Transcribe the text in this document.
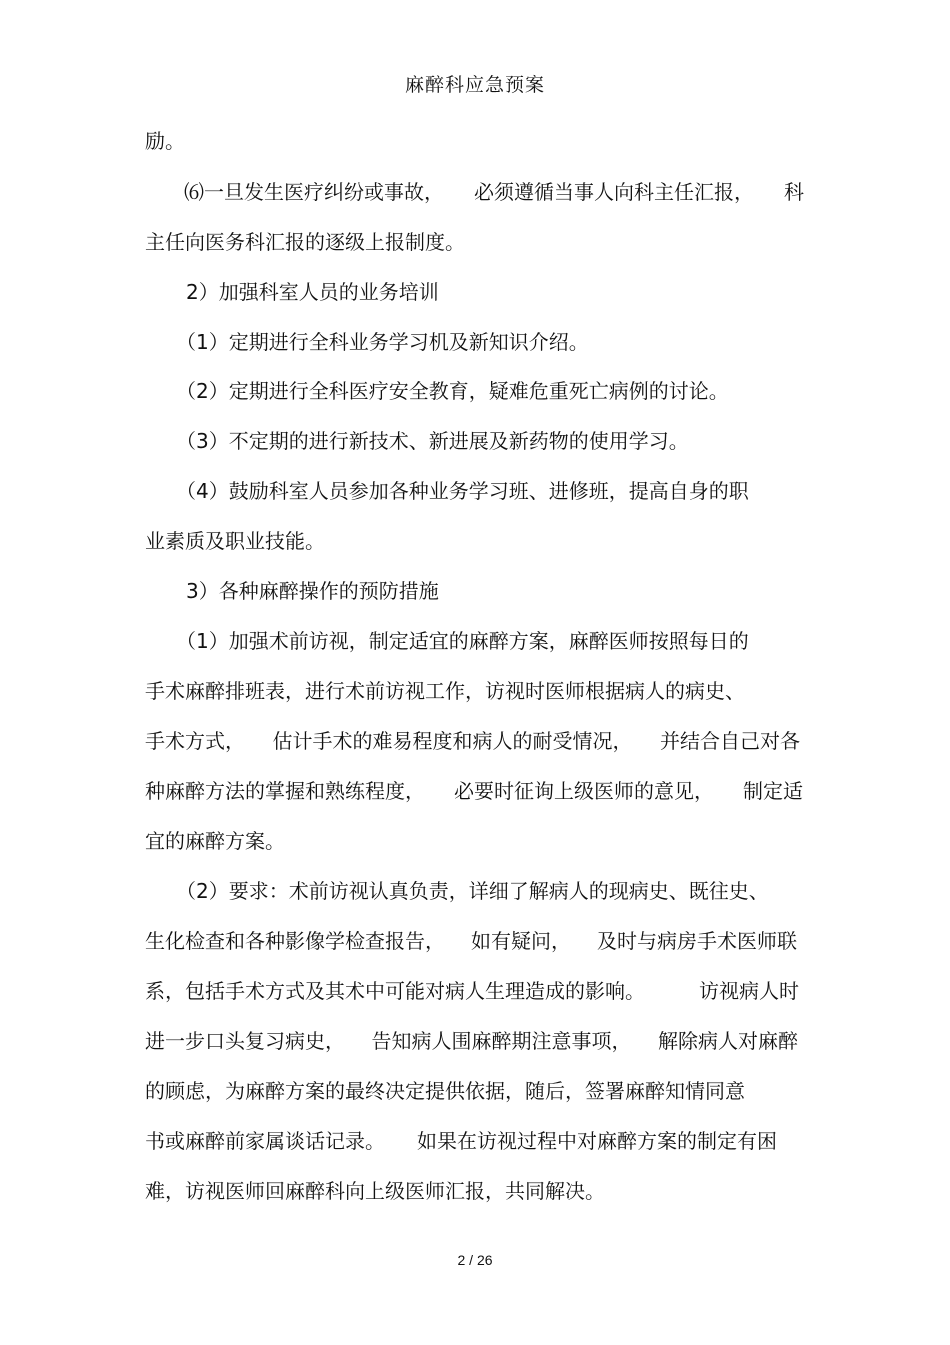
麻醉科应急预案
励。
⑹一旦发生医疗纠纷或事故， 必须遵循当事人向科主任汇报， 科
主任向医务科汇报的逐级上报制度。
2）加强科室人员的业务培训
（1）定期进行全科业务学习机及新知识介绍。
（2）定期进行全科医疗安全教育，疑难危重死亡病例的讨论。
（3）不定期的进行新技术、新进展及新药物的使用学习。
（4）鼓励科室人员参加各种业务学习班、进修班，提高自身的职
业素质及职业技能。
3）各种麻醉操作的预防措施
（1）加强术前访视，制定适宜的麻醉方案，麻醉医师按照每日的
手术麻醉排班表，进行术前访视工作，访视时医师根据病人的病史、
手术方式， 估计手术的难易程度和病人的耐受情况， 并结合自己对各
种麻醉方法的掌握和熟练程度， 必要时征询上级医师的意见， 制定适
宜的麻醉方案。
（2）要求：术前访视认真负责，详细了解病人的现病史、既往史、
生化检查和各种影像学检查报告， 如有疑问， 及时与病房手术医师联
系，包括手术方式及其术中可能对病人生理造成的影响。	访视病人时
进一步口头复习病史， 告知病人围麻醉期注意事项， 解除病人对麻醉
的顾虑，为麻醉方案的最终决定提供依据，随后，签署麻醉知情同意
书或麻醉前家属谈话记录。 如果在访视过程中对麻醉方案的制定有困
难，访视医师回麻醉科向上级医师汇报，共同解决。
2 / 26
